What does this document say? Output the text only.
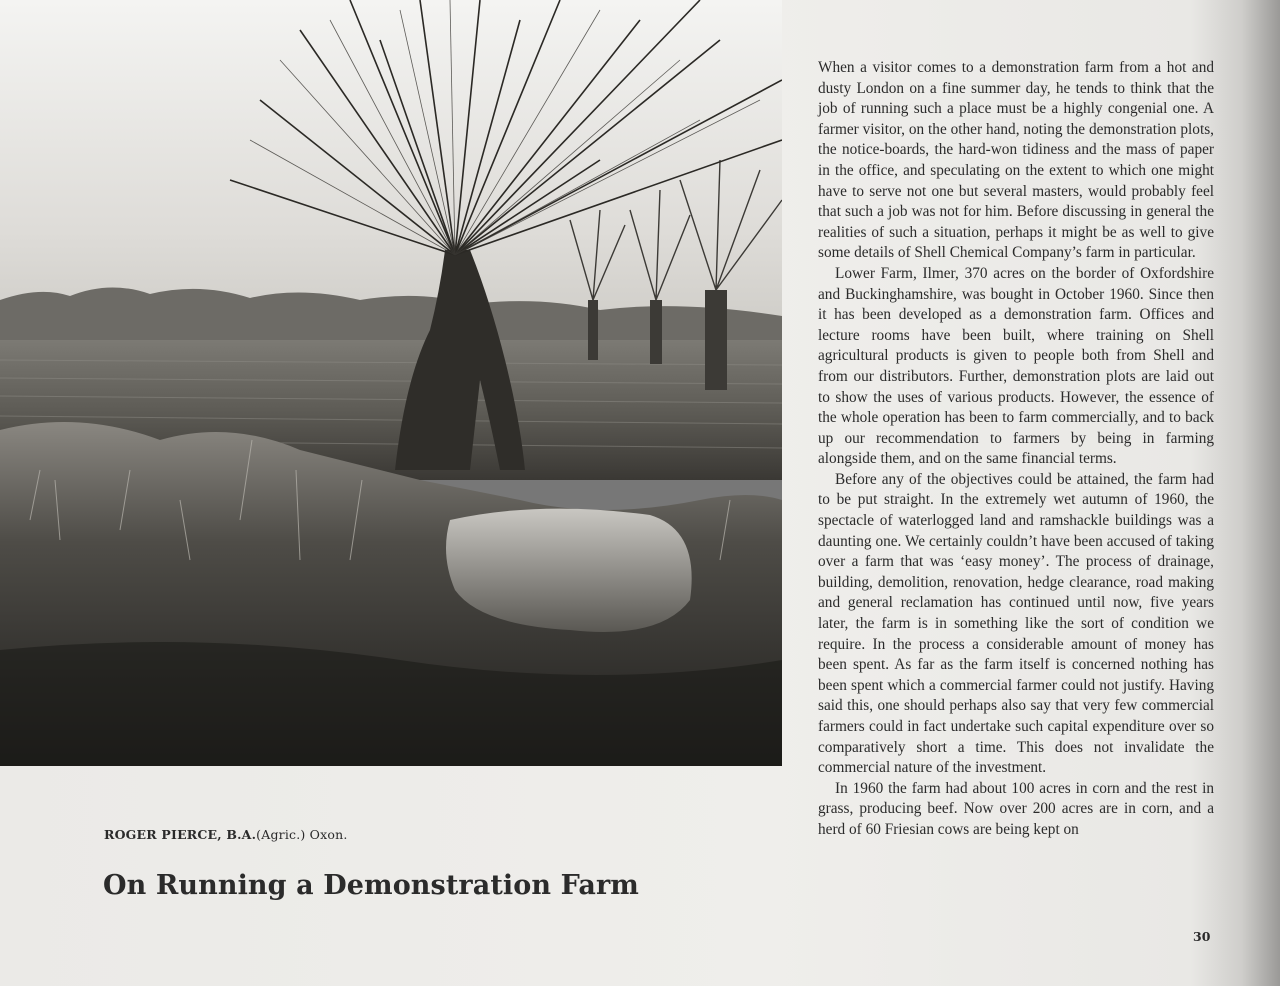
ROGER PIERCE, B.A.(Agric.) Oxon.
On Running a Demonstration Farm

When a visitor comes to a demonstration farm from a hot and dusty London on a fine summer day, he tends to think that the job of running such a place must be a highly congenial one. A farmer visitor, on the other hand, noting the demonstration plots, the notice-boards, the hard-won tidiness and the mass of paper in the office, and speculating on the extent to which one might have to serve not one but several masters, would probably feel that such a job was not for him. Before discussing in general the realities of such a situation, perhaps it might be as well to give some details of Shell Chemical Company’s farm in particular.

Lower Farm, Ilmer, 370 acres on the border of Oxfordshire and Buckinghamshire, was bought in October 1960. Since then it has been developed as a demonstration farm. Offices and lecture rooms have been built, where training on Shell agricultural products is given to people both from Shell and from our distributors. Further, demonstration plots are laid out to show the uses of various products. However, the essence of the whole operation has been to farm commercially, and to back up our recommendation to farmers by being in farming alongside them, and on the same financial terms.

Before any of the objectives could be attained, the farm had to be put straight. In the extremely wet autumn of 1960, the spectacle of waterlogged land and ramshackle buildings was a daunting one. We certainly couldn’t have been accused of taking over a farm that was ‘easy money’. The process of drainage, building, demolition, renovation, hedge clearance, road making and general reclamation has continued until now, five years later, the farm is in something like the sort of condition we require. In the process a considerable amount of money has been spent. As far as the farm itself is concerned nothing has been spent which a commercial farmer could not justify. Having said this, one should perhaps also say that very few commercial farmers could in fact undertake such capital expenditure over so comparatively short a time. This does not invalidate the commercial nature of the investment.

In 1960 the farm had about 100 acres in corn and the rest in grass, producing beef. Now over 200 acres are in corn, and a herd of 60 Friesian cows are being kept on

30
